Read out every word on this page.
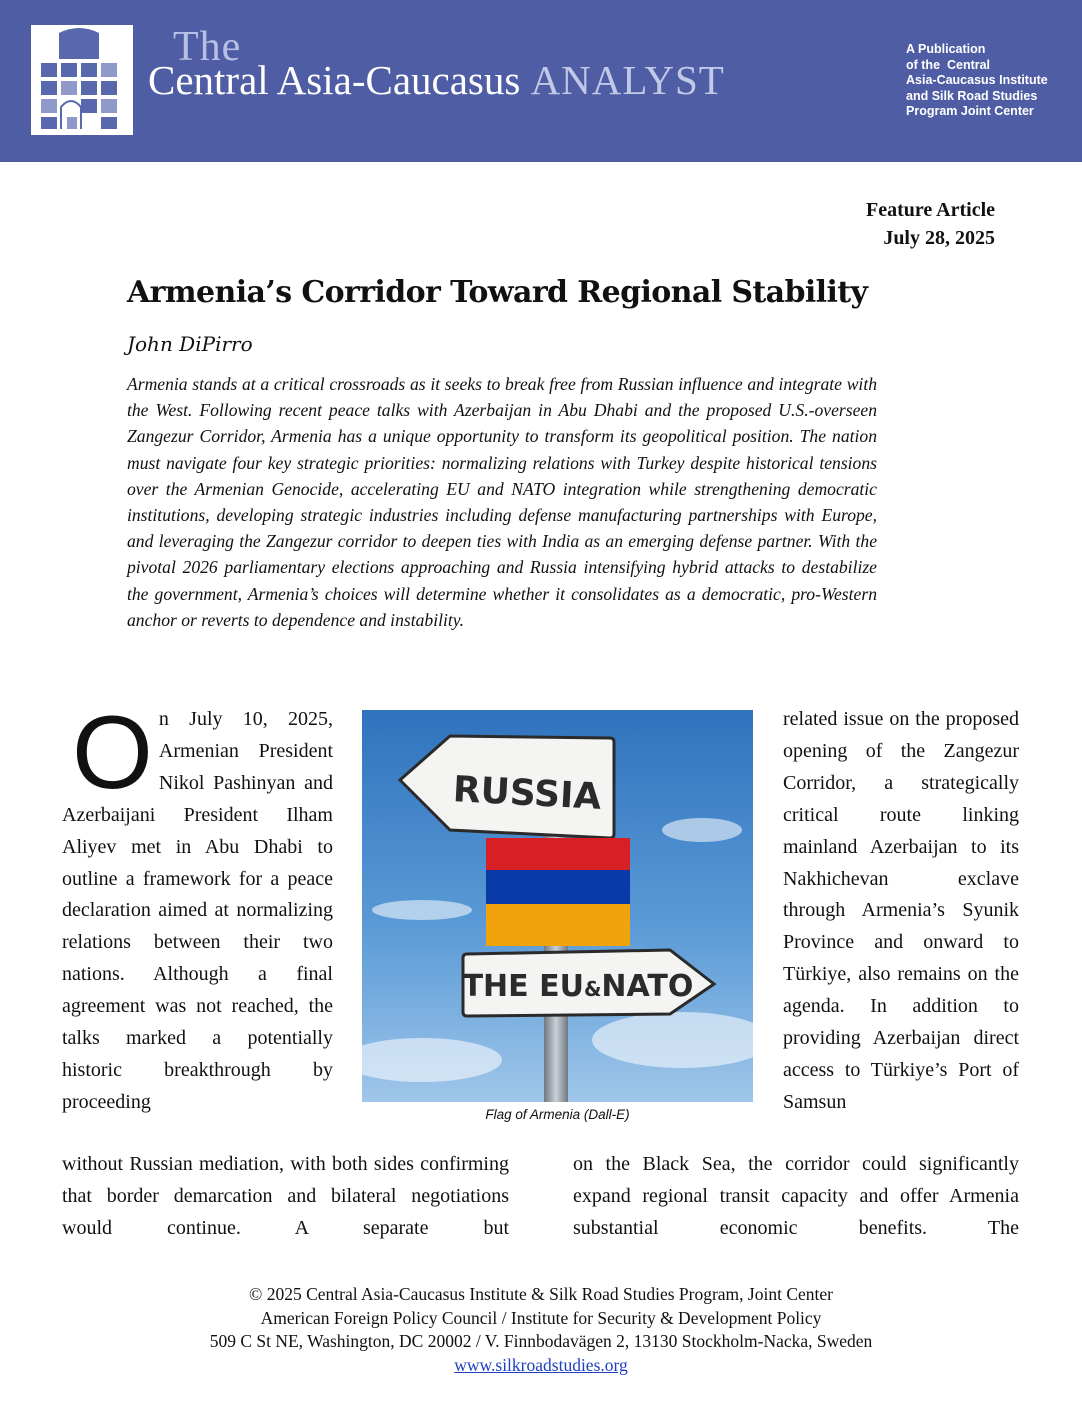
The
Central Asia-Caucasus ANALYST
A Publication
of the  Central
Asia-Caucasus Institute
and Silk Road Studies
Program Joint Center
Feature Article
July 28, 2025
Armenia’s Corridor Toward Regional Stability
John DiPirro

Armenia stands at a critical crossroads as it seeks to break free from Russian influence and integrate with the West. Following recent peace talks with Azerbaijan in Abu Dhabi and the proposed U.S.-overseen Zangezur Corridor, Armenia has a unique opportunity to transform its geopolitical position. The nation must navigate four key strategic priorities: normalizing relations with Turkey despite historical tensions over the Armenian Genocide, accelerating EU and NATO integration while strengthening democratic institutions, developing strategic industries including defense manufacturing partnerships with Europe, and leveraging the Zangezur corridor to deepen ties with India as an emerging defense partner. With the pivotal 2026 parliamentary elections approaching and Russia intensifying hybrid attacks to destabilize the government, Armenia’s choices will determine whether it consolidates as a democratic, pro-Western anchor or reverts to dependence and instability.

O n July 10, 2025, Armenian President Nikol Pashinyan and Azerbaijani President Ilham Aliyev met in Abu Dhabi to outline a framework for a peace declaration aimed at normalizing relations between their two nations. Although a final agreement was not reached, the talks marked a potentially historic breakthrough by proceeding

RUSSIA
THE EU&NATO
Flag of Armenia (Dall-E)

related issue on the proposed opening of the Zangezur Corridor, a strategically critical route linking mainland Azerbaijan to its Nakhichevan exclave through Armenia’s Syunik Province and onward to Türkiye, also remains on the agenda. In addition to providing Azerbaijan direct access to Türkiye’s Port of Samsun

without Russian mediation, with both sides confirming that border demarcation and bilateral negotiations would continue. A separate but

on the Black Sea, the corridor could significantly expand regional transit capacity and offer Armenia substantial economic benefits. The

© 2025 Central Asia-Caucasus Institute & Silk Road Studies Program, Joint Center
American Foreign Policy Council / Institute for Security & Development Policy
509 C St NE, Washington, DC 20002 / V. Finnbodavägen 2, 13130 Stockholm-Nacka, Sweden
www.silkroadstudies.org
